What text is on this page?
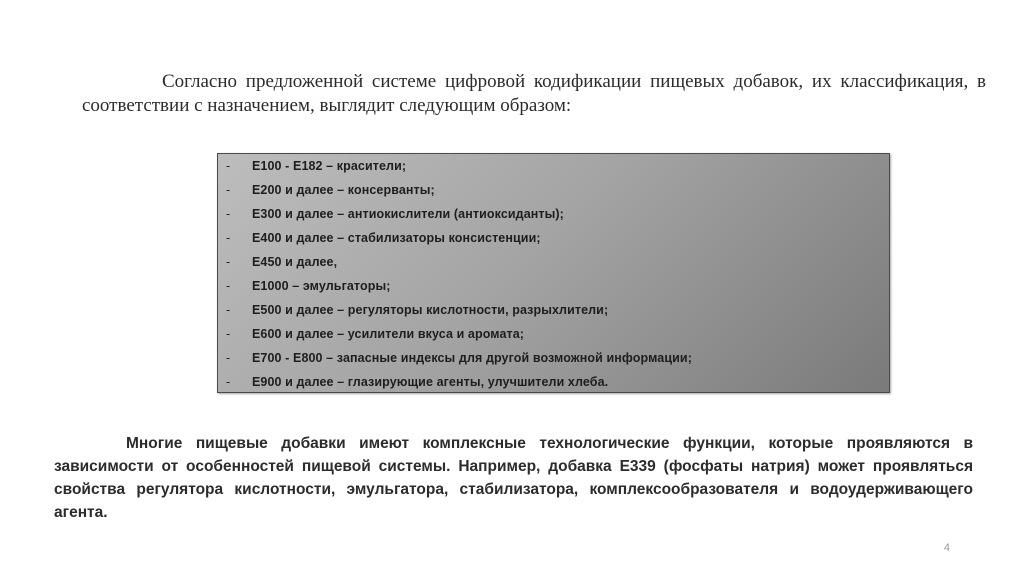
Согласно предложенной системе цифровой кодификации пищевых добавок, их классификация, в соответствии с назначением, выглядит следующим образом:

-	Е100 - Е182 – красители;
-	Е200 и далее – консерванты;
-	Е300 и далее – антиокислители (антиоксиданты);
-	Е400 и далее – стабилизаторы консистенции;
-	Е450 и далее,
-	Е1000 – эмульгаторы;
-	Е500 и далее – регуляторы кислотности, разрыхлители;
-	Е600 и далее – усилители вкуса и аромата;
-	Е700 - Е800 – запасные индексы для другой возможной информации;
-	Е900 и далее – глазирующие агенты, улучшители хлеба.

Многие пищевые добавки имеют комплексные технологические функции, которые проявляются в зависимости от особенностей пищевой системы. Например, добавка Е339 (фосфаты натрия) может проявляться свойства регулятора кислотности, эмульгатора, стабилизатора, комплексообразователя и водоудерживающего агента.

4
